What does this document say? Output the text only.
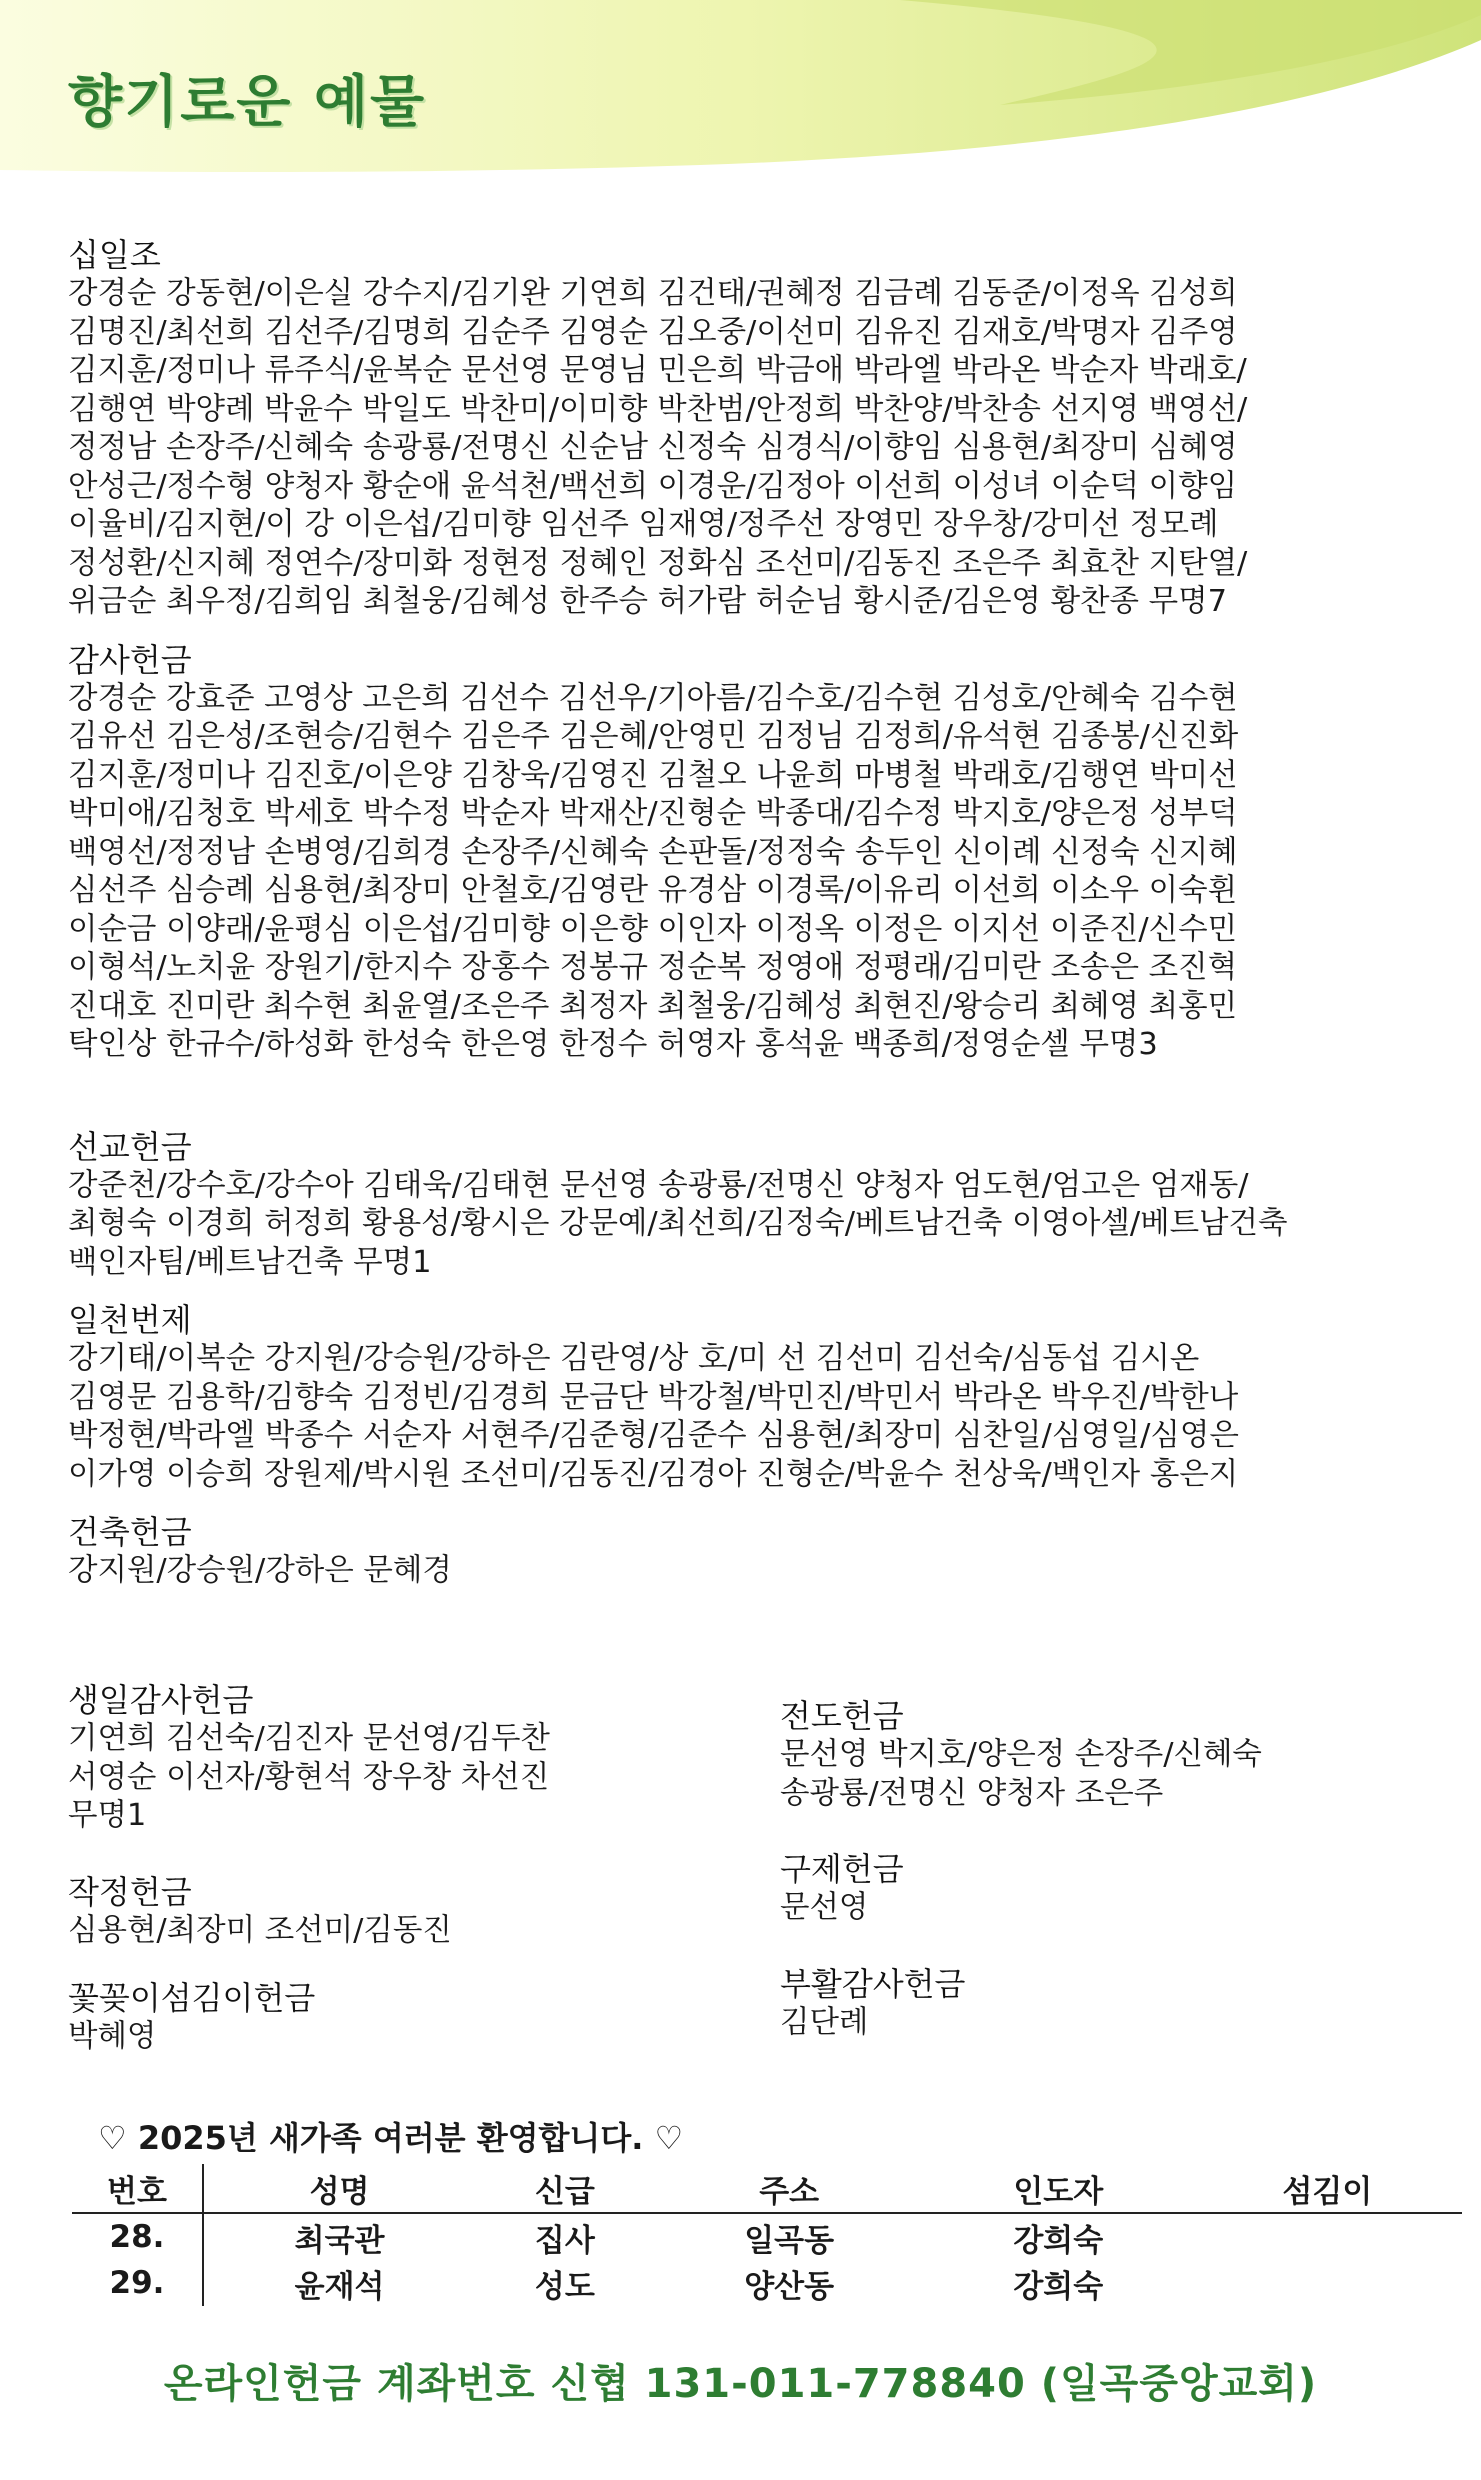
향기로운 예물
십일조
강경순 강동현/이은실 강수지/김기완 기연희 김건태/권혜정 김금례 김동준/이정옥 김성희
김명진/최선희 김선주/김명희 김순주 김영순 김오중/이선미 김유진 김재호/박명자 김주영
김지훈/정미나 류주식/윤복순 문선영 문영님 민은희 박금애 박라엘 박라온 박순자 박래호/
김행연 박양례 박윤수 박일도 박찬미/이미향 박찬범/안정희 박찬양/박찬송 선지영 백영선/
정정남 손장주/신혜숙 송광룡/전명신 신순남 신정숙 심경식/이향임 심용현/최장미 심혜영
안성근/정수형 양청자 황순애 윤석천/백선희 이경운/김정아 이선희 이성녀 이순덕 이향임
이율비/김지현/이 강 이은섭/김미향 임선주 임재영/정주선 장영민 장우창/강미선 정모례
정성환/신지혜 정연수/장미화 정현정 정혜인 정화심 조선미/김동진 조은주 최효찬 지탄열/
위금순 최우정/김희임 최철웅/김혜성 한주승 허가람 허순님 황시준/김은영 황찬종 무명7
감사헌금
강경순 강효준 고영상 고은희 김선수 김선우/기아름/김수호/김수현 김성호/안혜숙 김수현
김유선 김은성/조현승/김현수 김은주 김은혜/안영민 김정님 김정희/유석현 김종봉/신진화
김지훈/정미나 김진호/이은양 김창욱/김영진 김철오 나윤희 마병철 박래호/김행연 박미선
박미애/김청호 박세호 박수정 박순자 박재산/진형순 박종대/김수정 박지호/양은정 성부덕
백영선/정정남 손병영/김희경 손장주/신혜숙 손판돌/정정숙 송두인 신이례 신정숙 신지혜
심선주 심승례 심용현/최장미 안철호/김영란 유경삼 이경록/이유리 이선희 이소우 이숙휜
이순금 이양래/윤평심 이은섭/김미향 이은향 이인자 이정옥 이정은 이지선 이준진/신수민
이형석/노치윤 장원기/한지수 장홍수 정봉규 정순복 정영애 정평래/김미란 조송은 조진혁
진대호 진미란 최수현 최윤열/조은주 최정자 최철웅/김혜성 최현진/왕승리 최혜영 최홍민
탁인상 한규수/하성화 한성숙 한은영 한정수 허영자 홍석윤 백종희/정영순셀 무명3
선교헌금
강준천/강수호/강수아 김태욱/김태현 문선영 송광룡/전명신 양청자 엄도현/엄고은 엄재동/
최형숙 이경희 허정희 황용성/황시은 강문예/최선희/김정숙/베트남건축 이영아셀/베트남건축
백인자팀/베트남건축 무명1
일천번제
강기태/이복순 강지원/강승원/강하은 김란영/상 호/미 선 김선미 김선숙/심동섭 김시온
김영문 김용학/김향숙 김정빈/김경희 문금단 박강철/박민진/박민서 박라온 박우진/박한나
박정현/박라엘 박종수 서순자 서현주/김준형/김준수 심용현/최장미 심찬일/심영일/심영은
이가영 이승희 장원제/박시원 조선미/김동진/김경아 진형순/박윤수 천상욱/백인자 홍은지
건축헌금
강지원/강승원/강하은 문혜경
생일감사헌금
기연희 김선숙/김진자 문선영/김두찬
서영순 이선자/황현석 장우창 차선진
무명1
작정헌금
심용현/최장미 조선미/김동진
꽃꽂이섬김이헌금
박혜영
전도헌금
문선영 박지호/양은정 손장주/신혜숙
송광룡/전명신 양청자 조은주
구제헌금
문선영
부활감사헌금
김단례
♡ 2025년 새가족 여러분 환영합니다. ♡
번호	성명	신급	주소	인도자	섬김이
28.	최국관	집사	일곡동	강희숙	
29.	윤재석	성도	양산동	강희숙	
온라인헌금 계좌번호 신협 131-011-778840 (일곡중앙교회)
